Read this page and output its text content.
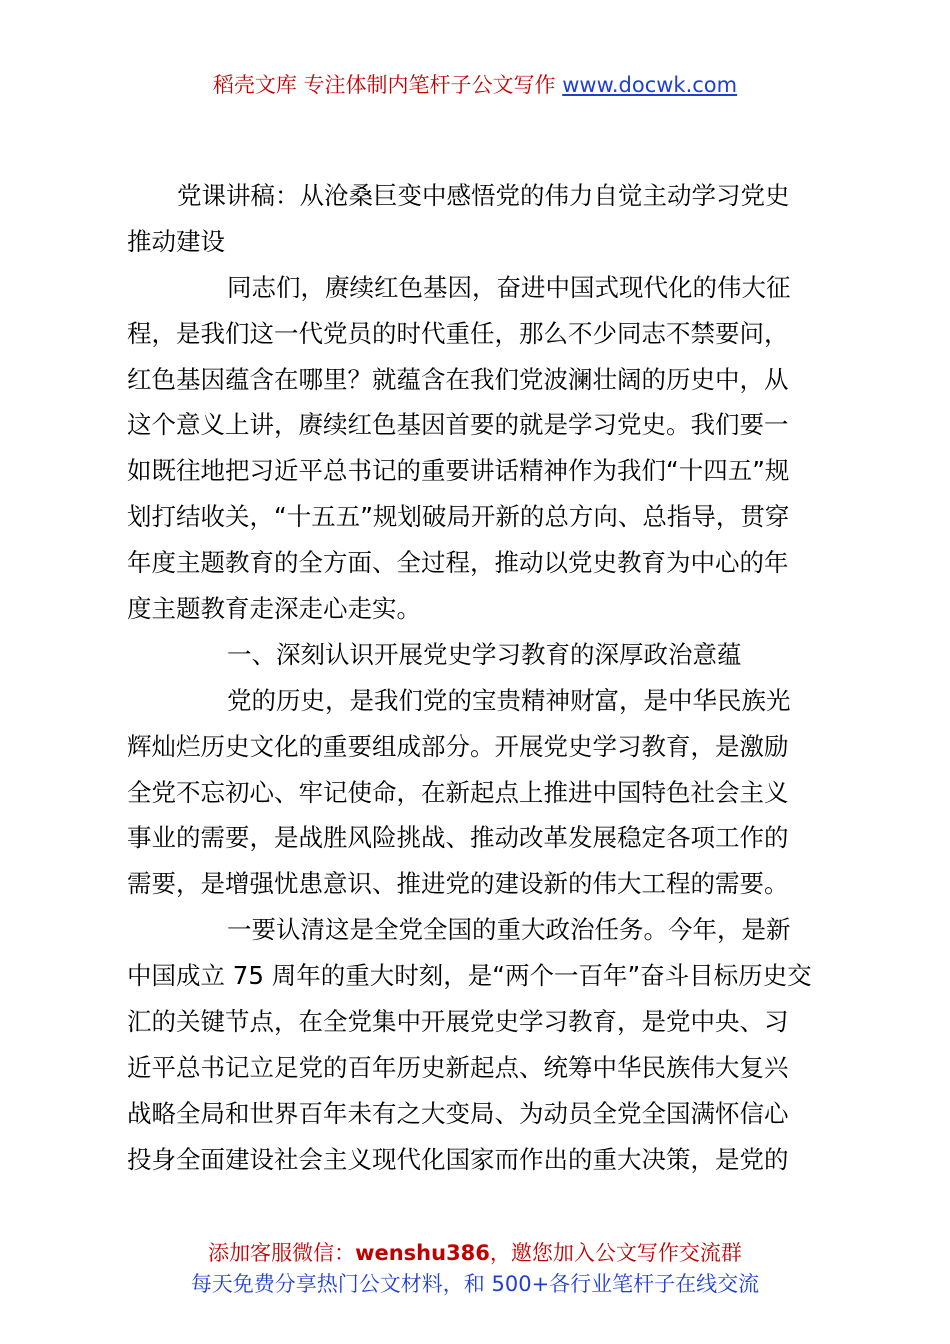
稻壳文库 专注体制内笔杆子公文写作 www.docwk.com
党课讲稿：从沧桑巨变中感悟党的伟力自觉主动学习党史
推动建设
同志们，赓续红色基因，奋进中国式现代化的伟大征
程，是我们这一代党员的时代重任，那么不少同志不禁要问，
红色基因蕴含在哪里？就蕴含在我们党波澜壮阔的历史中，从
这个意义上讲，赓续红色基因首要的就是学习党史。我们要一
如既往地把习近平总书记的重要讲话精神作为我们“十四五”规
划打结收关，“十五五”规划破局开新的总方向、总指导，贯穿
年度主题教育的全方面、全过程，推动以党史教育为中心的年
度主题教育走深走心走实。
一、深刻认识开展党史学习教育的深厚政治意蕴
党的历史，是我们党的宝贵精神财富，是中华民族光
辉灿烂历史文化的重要组成部分。开展党史学习教育，是激励
全党不忘初心、牢记使命，在新起点上推进中国特色社会主义
事业的需要，是战胜风险挑战、推动改革发展稳定各项工作的
需要，是增强忧患意识、推进党的建设新的伟大工程的需要。
一要认清这是全党全国的重大政治任务。今年，是新
中国成立 75 周年的重大时刻，是“两个一百年”奋斗目标历史交
汇的关键节点，在全党集中开展党史学习教育，是党中央、习
近平总书记立足党的百年历史新起点、统筹中华民族伟大复兴
战略全局和世界百年未有之大变局、为动员全党全国满怀信心
投身全面建设社会主义现代化国家而作出的重大决策，是党的
添加客服微信：wenshu386，邀您加入公文写作交流群
每天免费分享热门公文材料，和 500+各行业笔杆子在线交流
